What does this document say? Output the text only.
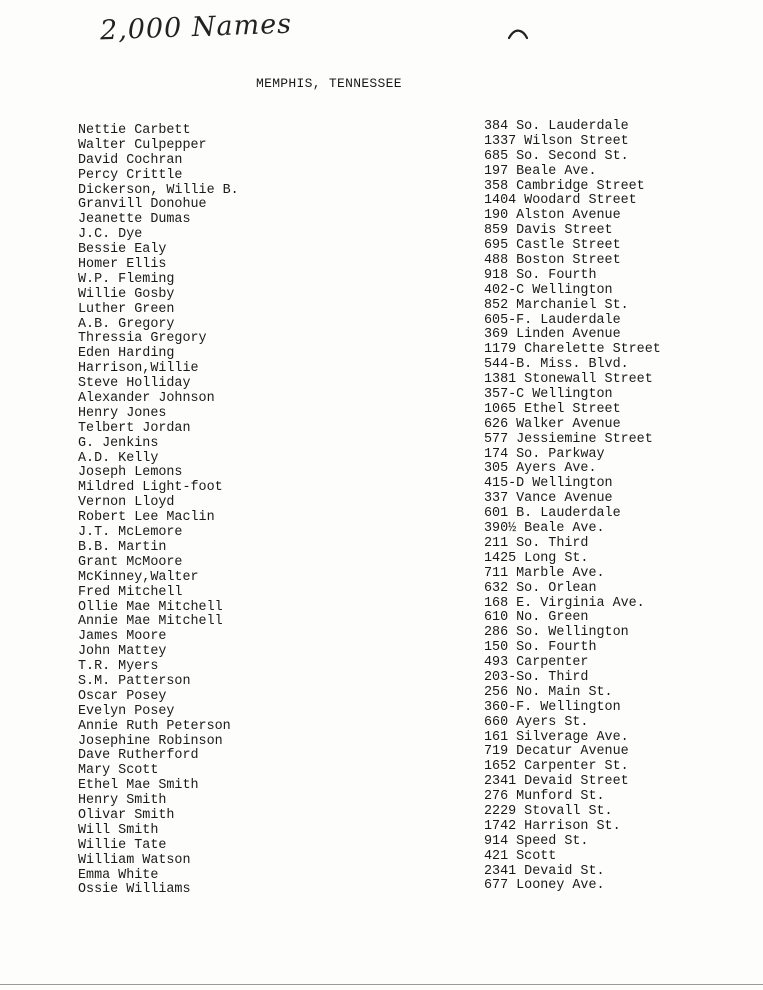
2,000 Names
MEMPHIS, TENNESSEE
Nettie Carbett
Walter Culpepper
David Cochran
Percy Crittle
Dickerson, Willie B.
Granvill Donohue
Jeanette Dumas
J.C. Dye
Bessie Ealy
Homer Ellis
W.P. Fleming
Willie Gosby
Luther Green
A.B. Gregory
Thressia Gregory
Eden Harding
Harrison,Willie
Steve Holliday
Alexander Johnson
Henry Jones
Telbert Jordan
G. Jenkins
A.D. Kelly
Joseph Lemons
Mildred Light-foot
Vernon Lloyd
Robert Lee Maclin
J.T. McLemore
B.B. Martin
Grant McMoore
McKinney,Walter
Fred Mitchell
Ollie Mae Mitchell
Annie Mae Mitchell
James Moore
John Mattey
T.R. Myers
S.M. Patterson
Oscar Posey
Evelyn Posey
Annie Ruth Peterson
Josephine Robinson
Dave Rutherford
Mary Scott
Ethel Mae Smith
Henry Smith
Olivar Smith
Will Smith
Willie Tate
William Watson
Emma White
Ossie Williams
384 So. Lauderdale
1337 Wilson Street
685 So. Second St.
197 Beale Ave.
358 Cambridge Street
1404 Woodard Street
190 Alston Avenue
859 Davis Street
695 Castle Street
488 Boston Street
918 So. Fourth
402-C Wellington
852 Marchaniel St.
605-F. Lauderdale
369 Linden Avenue
1179 Charelette Street
544-B. Miss. Blvd.
1381 Stonewall Street
357-C Wellington
1065 Ethel Street
626 Walker Avenue
577 Jessiemine Street
174 So. Parkway
305 Ayers Ave.
415-D Wellington
337 Vance Avenue
601 B. Lauderdale
390½ Beale Ave.
211 So. Third
1425 Long St.
711 Marble Ave.
632 So. Orlean
168 E. Virginia Ave.
610 No. Green
286 So. Wellington
150 So. Fourth
493 Carpenter
203-So. Third
256 No. Main St.
360-F. Wellington
660 Ayers St.
161 Silverage Ave.
719 Decatur Avenue
1652 Carpenter St.
2341 Devaid Street
276 Munford St.
2229 Stovall St.
1742 Harrison St.
914 Speed St.
421 Scott
2341 Devaid St.
677 Looney Ave.
